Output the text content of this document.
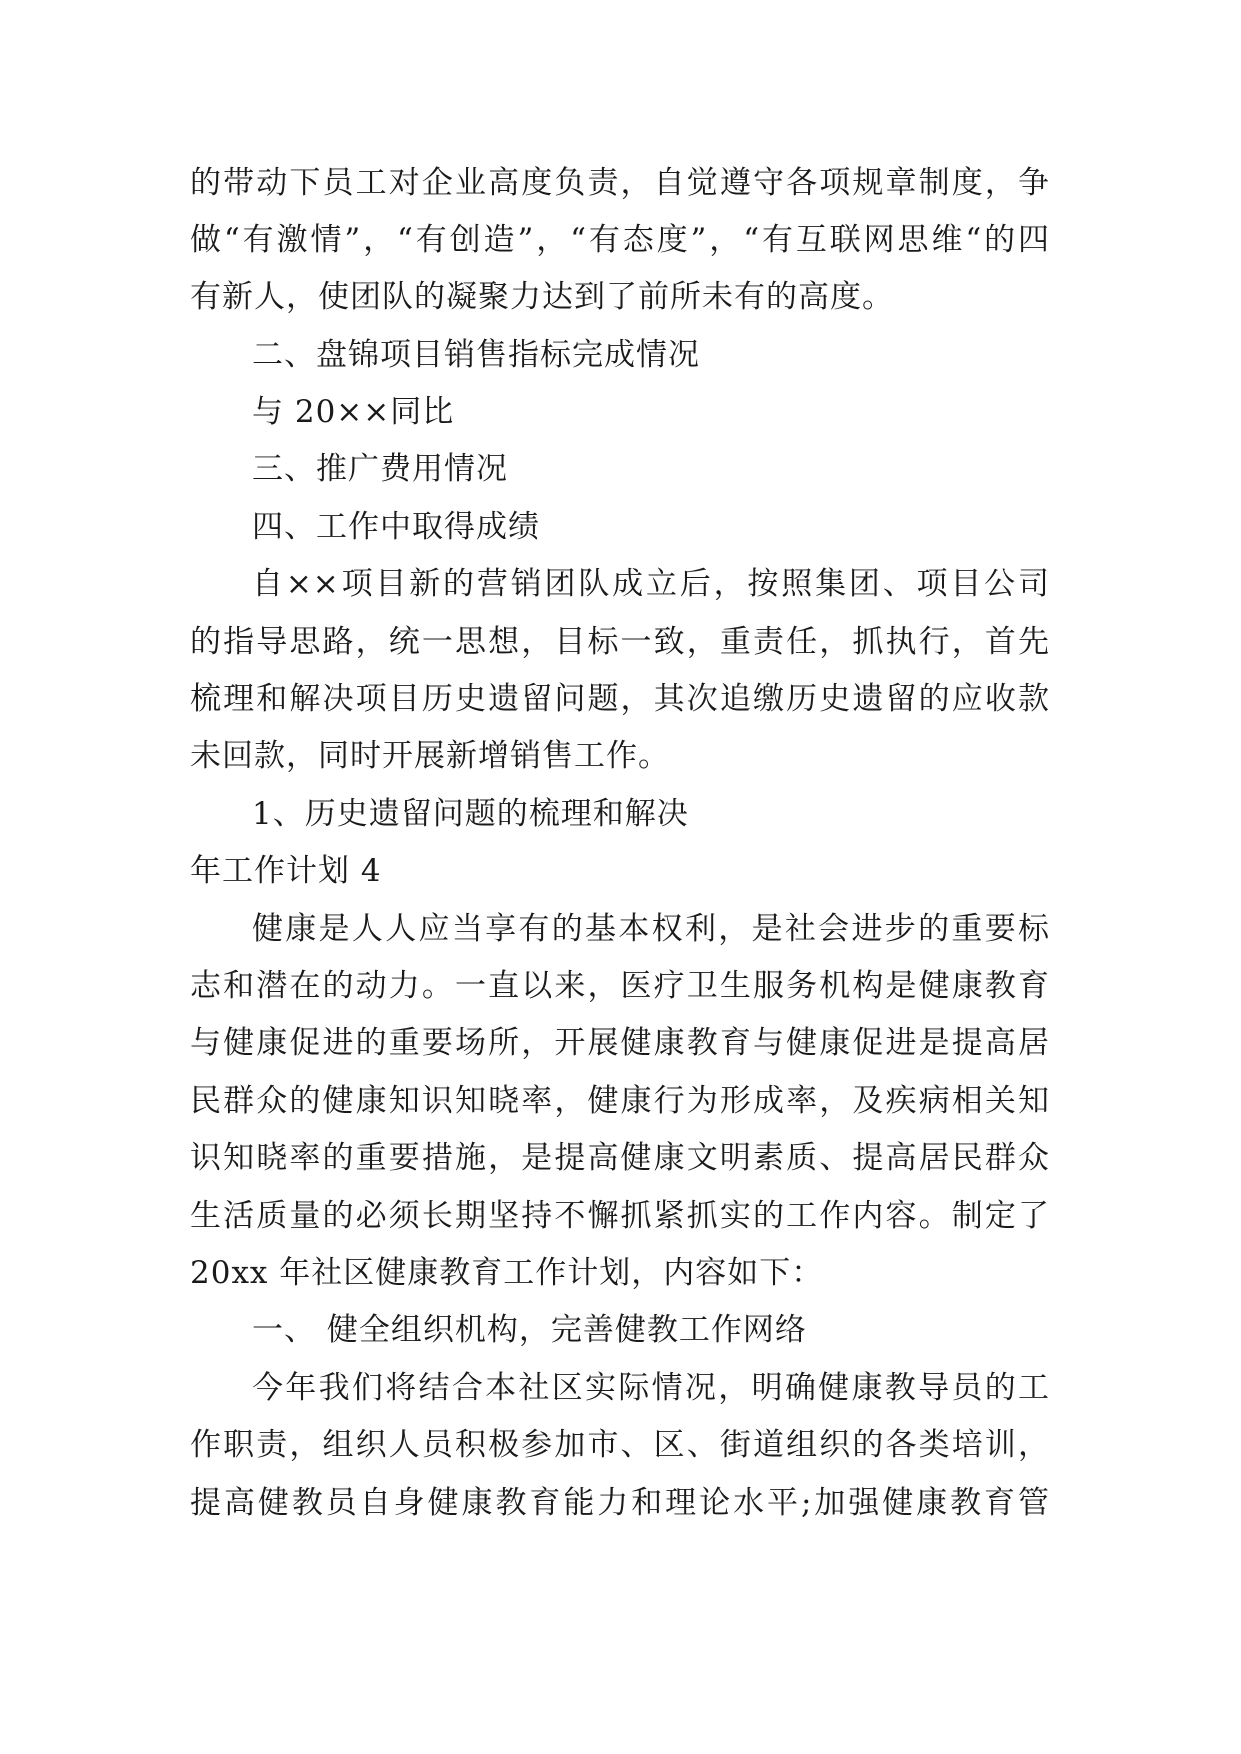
的带动下员工对企业高度负责，自觉遵守各项规章制度，争
做“有激情”，“有创造”，“有态度”，“有互联网思维“的四
有新人，使团队的凝聚力达到了前所未有的高度。
二、盘锦项目销售指标完成情况
与 20××同比
三、推广费用情况
四、工作中取得成绩
自××项目新的营销团队成立后，按照集团、项目公司
的指导思路，统一思想，目标一致，重责任，抓执行，首先
梳理和解决项目历史遗留问题，其次追缴历史遗留的应收款
未回款，同时开展新增销售工作。
1、历史遗留问题的梳理和解决
年工作计划 4
健康是人人应当享有的基本权利，是社会进步的重要标
志和潜在的动力。一直以来，医疗卫生服务机构是健康教育
与健康促进的重要场所，开展健康教育与健康促进是提高居
民群众的健康知识知晓率，健康行为形成率，及疾病相关知
识知晓率的重要措施，是提高健康文明素质、提高居民群众
生活质量的必须长期坚持不懈抓紧抓实的工作内容。制定了
20xx 年社区健康教育工作计划，内容如下：
一、 健全组织机构，完善健教工作网络
今年我们将结合本社区实际情况，明确健康教导员的工
作职责，组织人员积极参加市、区、街道组织的各类培训，
提高健教员自身健康教育能力和理论水平;加强健康教育管
